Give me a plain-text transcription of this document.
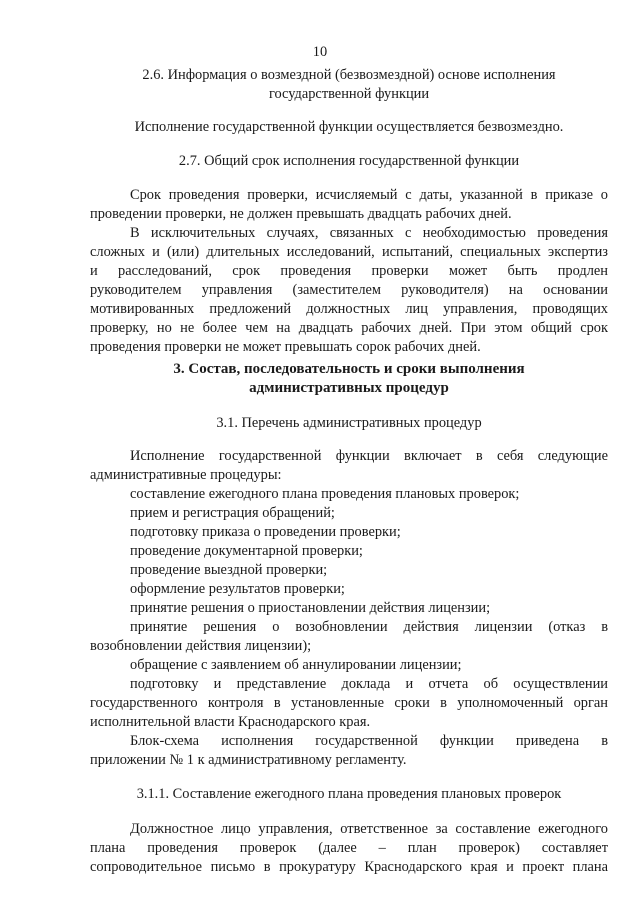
10
2.6. Информация о возмездной (безвозмездной) основе исполнения
государственной функции
Исполнение государственной функции осуществляется безвозмездно.
2.7. Общий срок исполнения государственной функции
Срок проведения проверки, исчисляемый с даты, указанной в приказе о
проведении проверки, не должен превышать двадцать рабочих дней.
В исключительных случаях, связанных с необходимостью проведения
сложных и (или) длительных исследований, испытаний, специальных экспертиз
и расследований, срок проведения проверки может быть продлен
руководителем управления (заместителем руководителя) на основании
мотивированных предложений должностных лиц управления, проводящих
проверку, но не более чем на двадцать рабочих дней. При этом общий срок
проведения проверки не может превышать сорок рабочих дней.
3. Состав, последовательность и сроки выполнения
административных процедур
3.1. Перечень административных процедур
Исполнение государственной функции включает в себя следующие
административные процедуры:
составление ежегодного плана проведения плановых проверок;
прием и регистрация обращений;
подготовку приказа о проведении проверки;
проведение документарной проверки;
проведение выездной проверки;
оформление результатов проверки;
принятие решения о приостановлении действия лицензии;
принятие решения о возобновлении действия лицензии (отказ в
возобновлении действия лицензии);
обращение с заявлением об аннулировании лицензии;
подготовку и представление доклада и отчета об осуществлении
государственного контроля в установленные сроки в уполномоченный орган
исполнительной власти Краснодарского края.
Блок-схема исполнения государственной функции приведена в
приложении № 1 к административному регламенту.
3.1.1. Составление ежегодного плана проведения плановых проверок
Должностное лицо управления, ответственное за составление ежегодного
плана проведения проверок (далее – план проверок) составляет
сопроводительное письмо в прокуратуру Краснодарского края и проект плана
